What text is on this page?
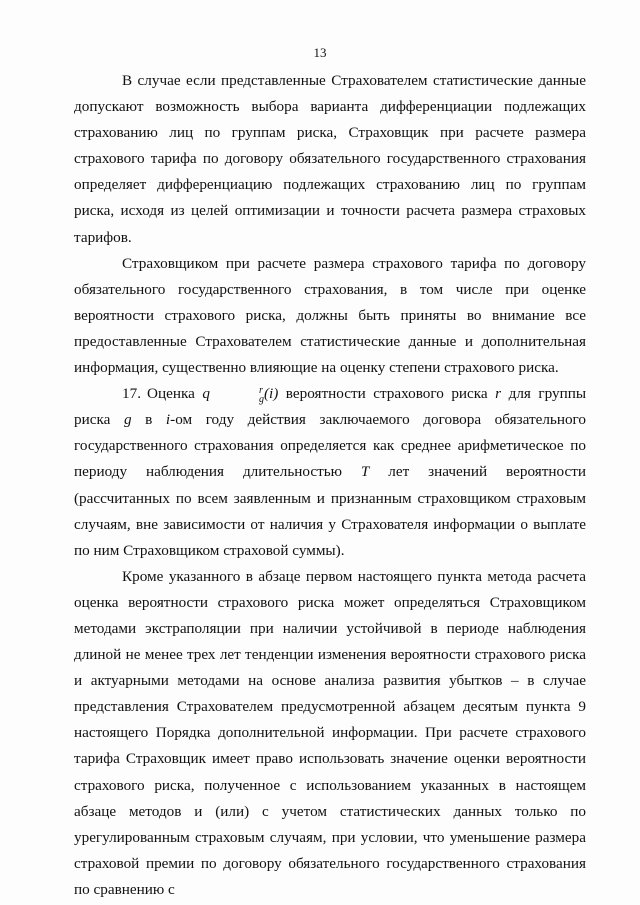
13

В случае если представленные Страхователем статистические данные допускают возможность выбора варианта дифференциации подлежащих страхованию лиц по группам риска, Страховщик при расчете размера страхового тарифа по договору обязательного государственного страхования определяет дифференциацию подлежащих страхованию лиц по группам риска, исходя из целей оптимизации и точности расчета размера страховых тарифов.

Страховщиком при расчете размера страхового тарифа по договору обязательного государственного страхования, в том числе при оценке вероятности страхового риска, должны быть приняты во внимание все предоставленные Страхователем статистические данные и дополнительная информация, существенно влияющие на оценку степени страхового риска.

17. Оценка q	r
g (i) вероятности страхового риска r для группы риска g в i-ом году действия заключаемого договора обязательного государственного страхования определяется как среднее арифметическое по периоду наблюдения длительностью T лет значений вероятности (рассчитанных по всем заявленным и признанным страховщиком страховым случаям, вне зависимости от наличия у Страхователя информации о выплате по ним Страховщиком страховой суммы).

Кроме указанного в абзаце первом настоящего пункта метода расчета оценка вероятности страхового риска может определяться Страховщиком методами экстраполяции при наличии устойчивой в периоде наблюдения длиной не менее трех лет тенденции изменения вероятности страхового риска и актуарными методами на основе анализа развития убытков – в случае представления Страхователем предусмотренной абзацем десятым пункта 9 настоящего Порядка дополнительной информации. При расчете страхового тарифа Страховщик имеет право использовать значение оценки вероятности страхового риска, полученное с использованием указанных в настоящем абзаце методов и (или) с учетом статистических данных только по урегулированным страховым случаям, при условии, что уменьшение размера страховой премии по договору обязательного государственного страхования по сравнению с
